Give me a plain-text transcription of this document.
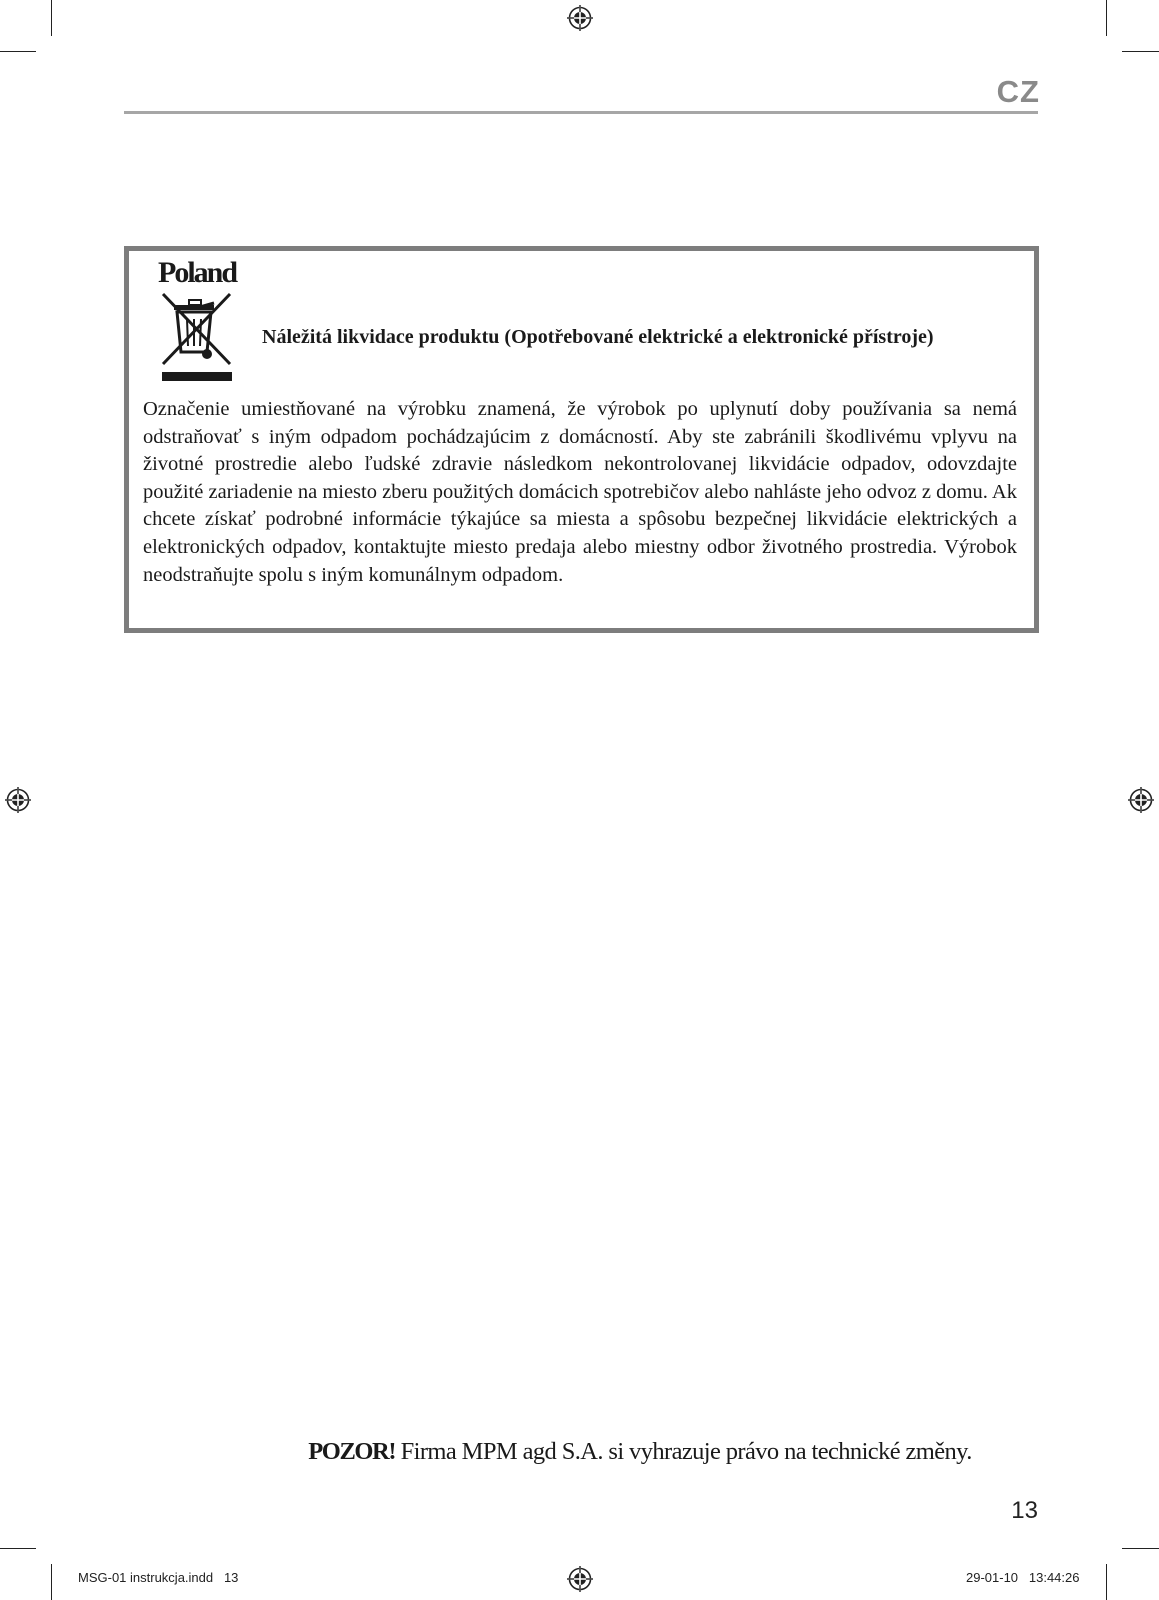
CZ
Poland
Náležitá likvidace produktu (Opotřebované elektrické a elektronické přístroje)
Označenie umiestňované na výrobku znamená, že výrobok po uplynutí doby používania sa nemá odstraňovať s iným odpadom pochádzajúcim z domácností. Aby ste zabránili škodlivému vplyvu na životné prostredie alebo ľudské zdravie následkom nekontrolovanej likvidácie odpadov, odovzdajte použité zariadenie na miesto zberu použitých domácich spotrebičov alebo nahláste jeho odvoz z domu. Ak chcete získať podrobné informácie týkajúce sa miesta a spôsobu bezpečnej likvidácie elektrických a elektronických odpadov, kontaktujte miesto predaja alebo miestny odbor životného prostredia. Výrobok neodstraňujte spolu s iným komunálnym odpadom.
POZOR! Firma MPM agd S.A. si vyhrazuje právo na technické změny.
13
MSG-01 instrukcja.indd   13	29-01-10   13:44:26
